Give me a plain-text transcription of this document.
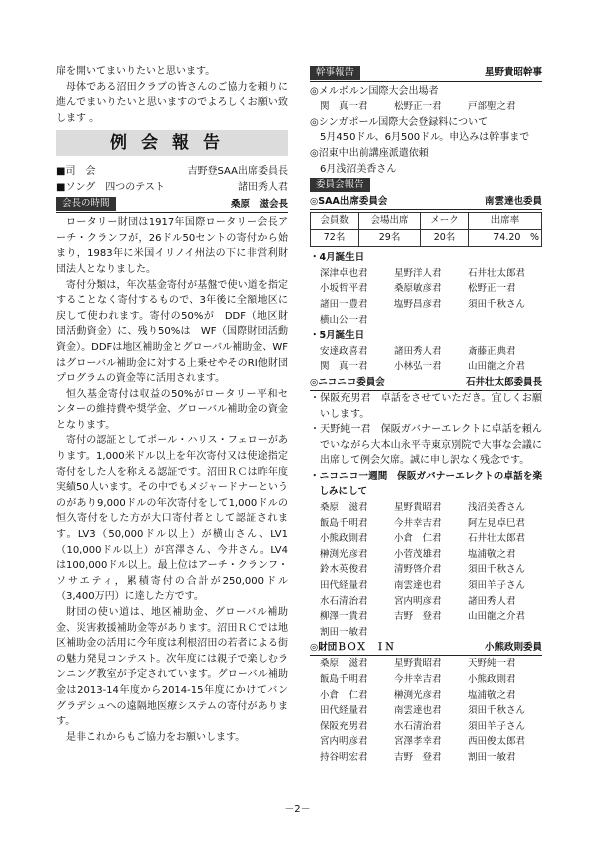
扉を開いてまいりたいと思います。

母体である沼田クラブの皆さんのご協力を頼りに進んでまいりたいと思いますのでよろしくお願い致します 。

例会報告
■司　会	吉野登SAA出席委員長
■ソング　四つのテスト	諸田秀人君
会長の時間	桑原　滋会長

ロータリー財団は1917年国際ロータリー会長アーチ・クランフが，26ドル50セントの寄付から始まり，1983年に米国イリノイ州法の下に非営利財団法人となりました。

寄付分類は，年次基金寄付が基盤で使い道を指定することなく寄付するもので、3年後に全額地区に戻して使われます。寄付の50%が　DDF（地区財団活動資金）に、残り50%は　WF（国際財団活動資金）。DDFは地区補助金とグローバル補助金、WFはグローバル補助金に対する上乗せやそのRI他財団プログラムの資金等に活用されます。

恒久基金寄付は収益の50%がロータリー平和センターの維持費や奨学金、グローバル補助金の資金となります。

寄付の認証としてポール・ハリス・フェローがあります。1,000米ドル以上を年次寄付又は使途指定寄付をした人を称える認証です。沼田ＲＣは昨年度実績50人います。その中でもメジャードナーというのがあり9,000ドルの年次寄付をして1,000ドルの恒久寄付をした方が大口寄付者として認証されます。LV3（50,000ドル以上）が横山さん、LV1（10,000ドル以上）が宮澤さん、今井さん。LV4は100,000ドル以上。最上位はアーチ・クランフ・ソサエティ，累積寄付の合計が250,000ドル（3,400万円）に達した方です。

財団の使い道は、地区補助金、グローバル補助金、災害救援補助金等があります。沼田ＲＣでは地区補助金の活用に今年度は利根沼田の若者による街の魅力発見コンテスト。次年度には親子で楽しむランニング教室が予定されています。グローバル補助金は2013-14年度から2014-15年度にかけてバングラデシュへの遠隔地医療システムの寄付があります。

是非これからもご協力をお願いします。

幹事報告	星野貴昭幹事

◎メルボルン国際大会出場者

関　真一君	松野正一君	戸部聖之君

◎シンガポール国際大会登録料について

5月450ドル、6月500ドル。申込みは幹事まで

◎沼東中出前講座派遣依頼

6月浅沼美香さん

委員会報告
◎SAA出席委員会	南雲達也委員
会員数	会場出席	メーク	出席率
72名	29名	20名	74.20　%
・4月誕生日
深津卓也君	星野洋人君	石井壮太郎君
小坂哲平君	桑原敏彦君	松野正一君
諸田一豊君	塩野昌彦君	須田千秋さん
横山公一君
・5月誕生日
安達政喜君	諸田秀人君	斎藤正典君
関　真一君	小林弘一君	山田龍之介君
◎ニコニコ委員会	石井壮太郎委員長

・保阪充男君　卓話をさせていただき。宜しくお願いします。

・天野純一君　保阪ガバナーエレクトに卓話を頼んでいながら大本山永平寺東京別院で大事な会議に出席して例会欠席。誠に申し訳なく残念です。

・ニコニコ一週間　保阪ガバナーエレクトの卓話を楽しみにして

桑原　滋君	星野貴昭君	浅沼美香さん
飯島千明君	今井幸吉君	阿左見卓巳君
小熊政則君	小倉　仁君	石井壮太郎君
榊渕光彦君	小菅茂雄君	塩浦敬之君
鈴木英俊君	清野啓介君	須田千秋さん
田代経量君	南雲達也君	須田羊子さん
水石清治君	宮内明彦君	諸田秀人君
柳澤一貴君	吉野　登君	山田龍之介君
割田一敏君
◎財団ＢＯＸ　ＩＮ	小熊政則委員
桑原　滋君	星野貴昭君	天野純一君
飯島千明君	今井幸吉君	小熊政則君
小倉　仁君	榊渕光彦君	塩浦敬之君
田代経量君	南雲達也君	須田千秋さん
保阪充男君	水石清治君	須田羊子さん
宮内明彦君	宮澤孝幸君	西田俊太郎君
持谷明宏君	吉野　登君	割田一敏君
－2－
